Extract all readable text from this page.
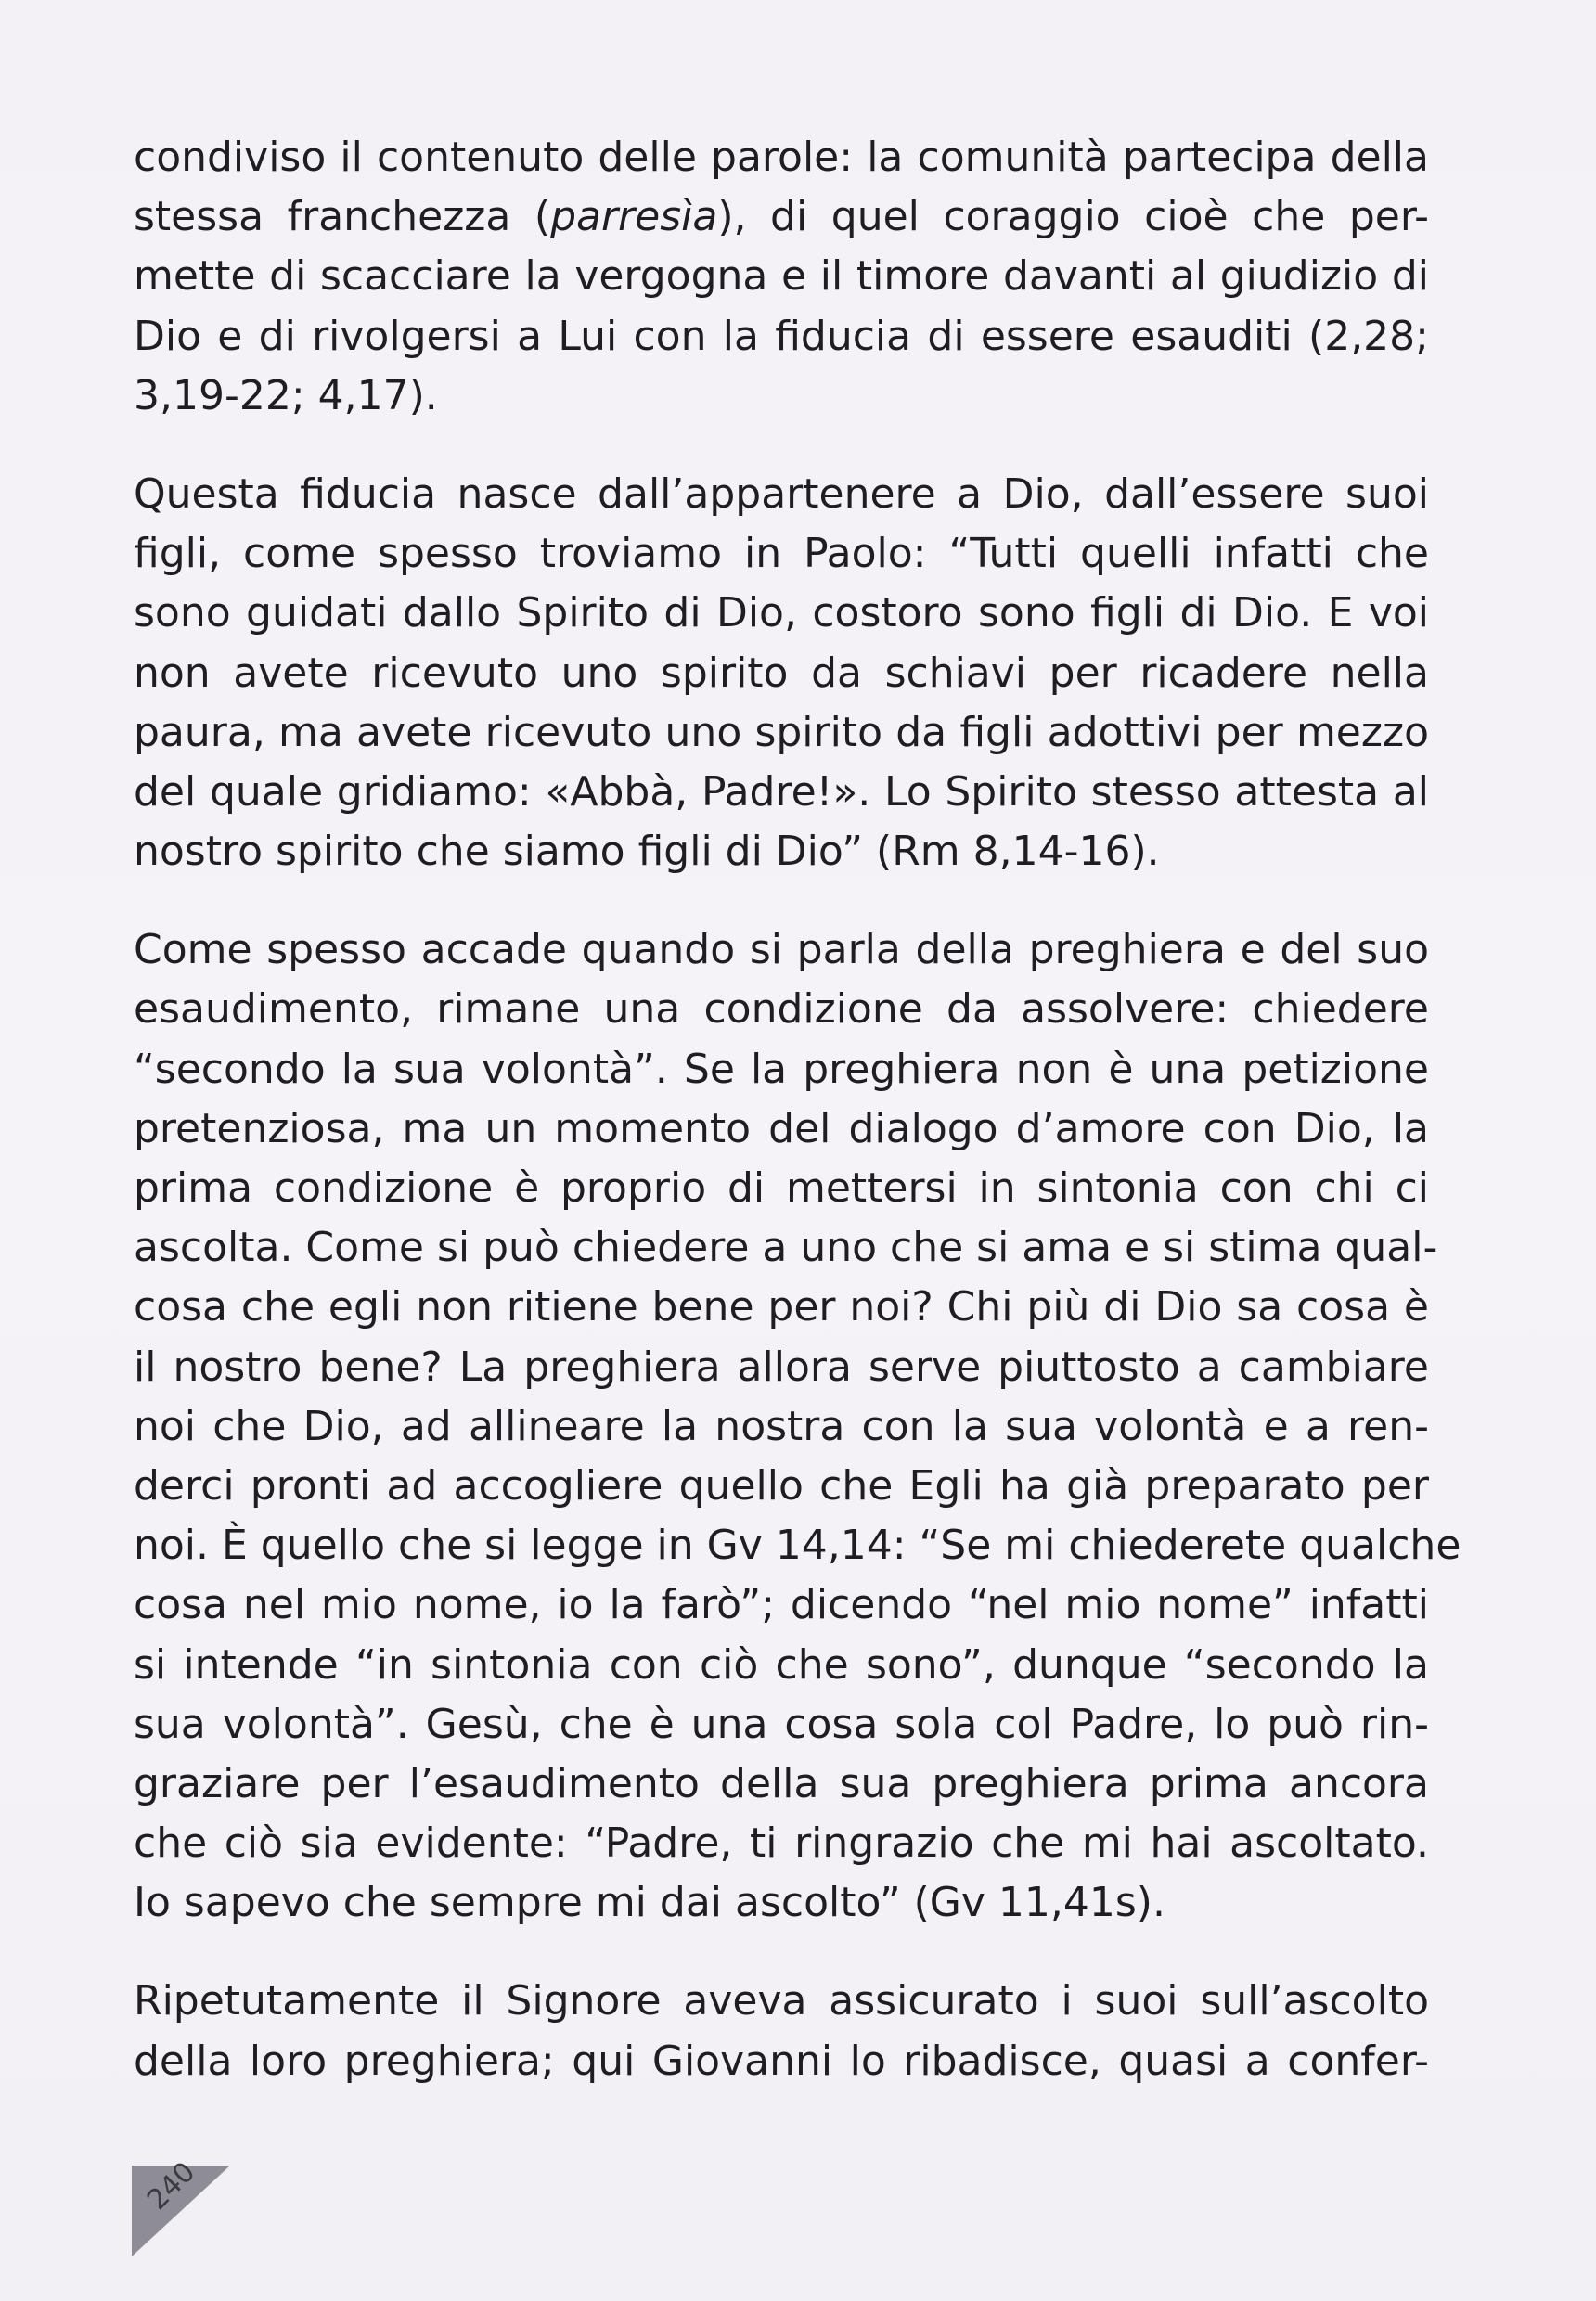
condiviso il contenuto delle parole: la comunità partecipa della
stessa franchezza (parresìa), di quel coraggio cioè che per-
mette di scacciare la vergogna e il timore davanti al giudizio di
Dio e di rivolgersi a Lui con la fiducia di essere esauditi (2,28;
3,19-22; 4,17).
Questa fiducia nasce dall’appartenere a Dio, dall’essere suoi
figli, come spesso troviamo in Paolo: “Tutti quelli infatti che
sono guidati dallo Spirito di Dio, costoro sono figli di Dio. E voi
non avete ricevuto uno spirito da schiavi per ricadere nella
paura, ma avete ricevuto uno spirito da figli adottivi per mezzo
del quale gridiamo: «Abbà, Padre!». Lo Spirito stesso attesta al
nostro spirito che siamo figli di Dio” (Rm 8,14-16).
Come spesso accade quando si parla della preghiera e del suo
esaudimento, rimane una condizione da assolvere: chiedere
“secondo la sua volontà”. Se la preghiera non è una petizione
pretenziosa, ma un momento del dialogo d’amore con Dio, la
prima condizione è proprio di mettersi in sintonia con chi ci
ascolta. Come si può chiedere a uno che si ama e si stima qual-
cosa che egli non ritiene bene per noi? Chi più di Dio sa cosa è
il nostro bene? La preghiera allora serve piuttosto a cambiare
noi che Dio, ad allineare la nostra con la sua volontà e a ren-
derci pronti ad accogliere quello che Egli ha già preparato per
noi. È quello che si legge in Gv 14,14: “Se mi chiederete qualche
cosa nel mio nome, io la farò”; dicendo “nel mio nome” infatti
si intende “in sintonia con ciò che sono”, dunque “secondo la
sua volontà”. Gesù, che è una cosa sola col Padre, lo può rin-
graziare per l’esaudimento della sua preghiera prima ancora
che ciò sia evidente: “Padre, ti ringrazio che mi hai ascoltato.
Io sapevo che sempre mi dai ascolto” (Gv 11,41s).
Ripetutamente il Signore aveva assicurato i suoi sull’ascolto
della loro preghiera; qui Giovanni lo ribadisce, quasi a confer-
240
